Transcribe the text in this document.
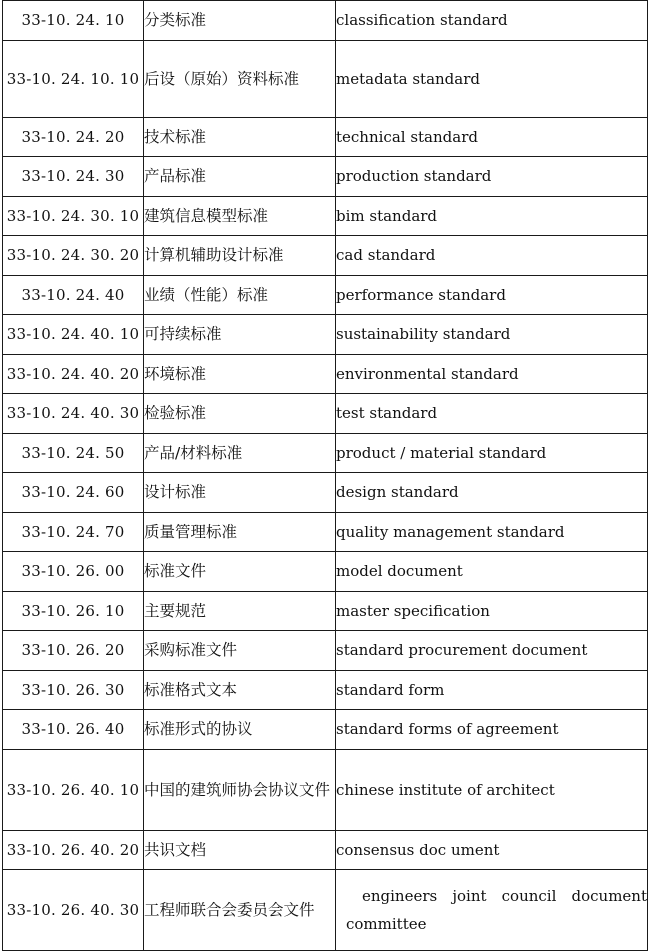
33-10. 24. 10	分类标准	classification standard
33-10. 24. 10. 10	后设（原始）资料标准	metadata standard
33-10. 24. 20	技术标准	technical standard
33-10. 24. 30	产品标准	production standard
33-10. 24. 30. 10	建筑信息模型标准	bim standard
33-10. 24. 30. 20	计算机辅助设计标准	cad standard
33-10. 24. 40	业绩（性能）标准	performance standard
33-10. 24. 40. 10	可持续标准	sustainability standard
33-10. 24. 40. 20	环境标准	environmental standard
33-10. 24. 40. 30	检验标准	test standard
33-10. 24. 50	产品/材料标准	product / material standard
33-10. 24. 60	设计标准	design standard
33-10. 24. 70	质量管理标准	quality management standard
33-10. 26. 00	标准文件	model document
33-10. 26. 10	主要规范	master specification
33-10. 26. 20	采购标准文件	standard procurement document
33-10. 26. 30	标准格式文本	standard form
33-10. 26. 40	标准形式的协议	standard forms of agreement
33-10. 26. 40. 10	中国的建筑师协会协议文件	chinese institute of architect
33-10. 26. 40. 20	共识文档	consensus doc ument
33-10. 26. 40. 30	工程师联合会委员会文件	engineers joint council document
committee
